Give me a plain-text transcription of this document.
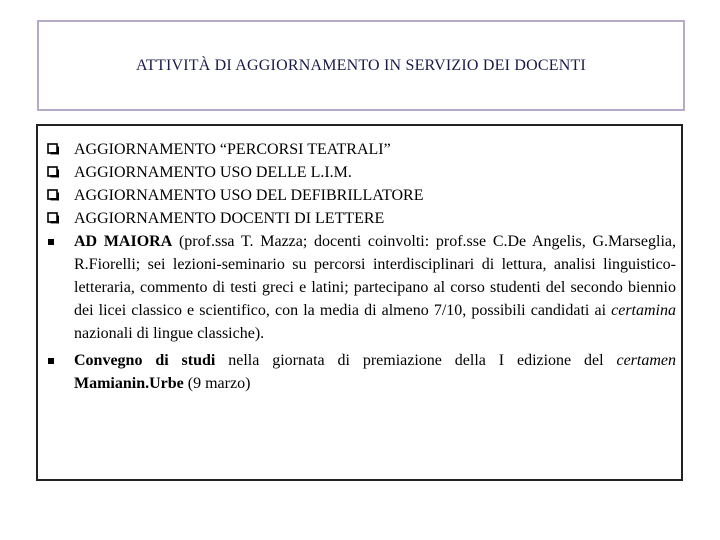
ATTIVITÀ DI AGGIORNAMENTO IN SERVIZIO DEI DOCENTI
AGGIORNAMENTO “PERCORSI TEATRALI”
AGGIORNAMENTO USO DELLE L.I.M.
AGGIORNAMENTO USO DEL DEFIBRILLATORE
AGGIORNAMENTO DOCENTI DI LETTERE
AD MAIORA (prof.ssa T. Mazza; docenti coinvolti: prof.sse C.De Angelis, G.Marseglia, R.Fiorelli; sei lezioni-seminario su percorsi interdisciplinari di lettura, analisi linguistico-letteraria, commento di testi greci e latini; partecipano al corso studenti del secondo biennio dei licei classico e scientifico, con la media di almeno 7/10, possibili candidati ai certamina nazionali di lingue classiche).
Convegno di studi nella giornata di premiazione della I edizione del certamen Mamianin.Urbe (9 marzo)
